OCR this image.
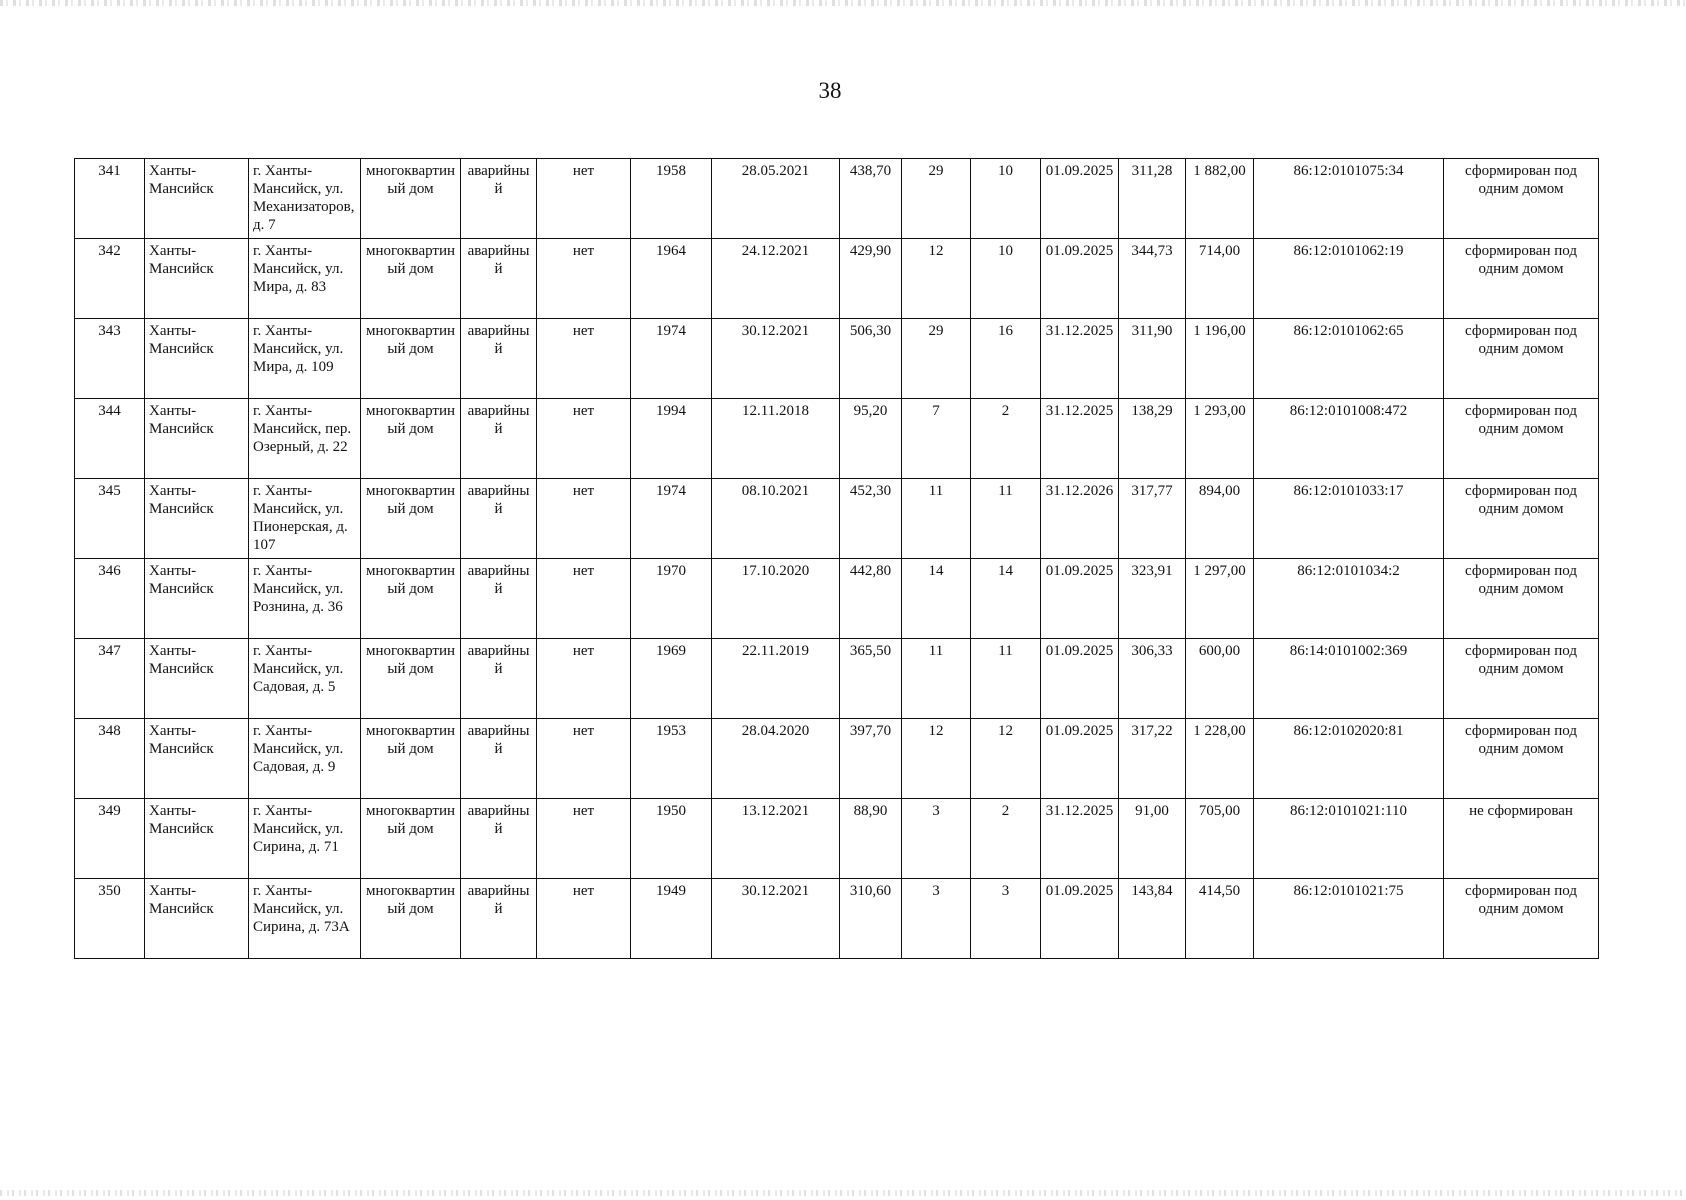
38
341	Ханты-Мансийск	г. Ханты-Мансийск, ул. Механизаторов, д. 7	многоквартиный дом	аварийный	нет	1958	28.05.2021	438,70	29	10	01.09.2025	311,28	1 882,00	86:12:0101075:34	сформирован под одним домом
342	Ханты-Мансийск	г. Ханты-Мансийск, ул. Мира, д. 83	многоквартиный дом	аварийный	нет	1964	24.12.2021	429,90	12	10	01.09.2025	344,73	714,00	86:12:0101062:19	сформирован под одним домом
343	Ханты-Мансийск	г. Ханты-Мансийск, ул. Мира, д. 109	многоквартиный дом	аварийный	нет	1974	30.12.2021	506,30	29	16	31.12.2025	311,90	1 196,00	86:12:0101062:65	сформирован под одним домом
344	Ханты-Мансийск	г. Ханты-Мансийск, пер. Озерный, д. 22	многоквартиный дом	аварийный	нет	1994	12.11.2018	95,20	7	2	31.12.2025	138,29	1 293,00	86:12:0101008:472	сформирован под одним домом
345	Ханты-Мансийск	г. Ханты-Мансийск, ул. Пионерская, д. 107	многоквартиный дом	аварийный	нет	1974	08.10.2021	452,30	11	11	31.12.2026	317,77	894,00	86:12:0101033:17	сформирован под одним домом
346	Ханты-Мансийск	г. Ханты-Мансийск, ул. Рознина, д. 36	многоквартиный дом	аварийный	нет	1970	17.10.2020	442,80	14	14	01.09.2025	323,91	1 297,00	86:12:0101034:2	сформирован под одним домом
347	Ханты-Мансийск	г. Ханты-Мансийск, ул. Садовая, д. 5	многоквартиный дом	аварийный	нет	1969	22.11.2019	365,50	11	11	01.09.2025	306,33	600,00	86:14:0101002:369	сформирован под одним домом
348	Ханты-Мансийск	г. Ханты-Мансийск, ул. Садовая, д. 9	многоквартиный дом	аварийный	нет	1953	28.04.2020	397,70	12	12	01.09.2025	317,22	1 228,00	86:12:0102020:81	сформирован под одним домом
349	Ханты-Мансийск	г. Ханты-Мансийск, ул. Сирина, д. 71	многоквартиный дом	аварийный	нет	1950	13.12.2021	88,90	3	2	31.12.2025	91,00	705,00	86:12:0101021:110	не сформирован
350	Ханты-Мансийск	г. Ханты-Мансийск, ул. Сирина, д. 73А	многоквартиный дом	аварийный	нет	1949	30.12.2021	310,60	3	3	01.09.2025	143,84	414,50	86:12:0101021:75	сформирован под одним домом
